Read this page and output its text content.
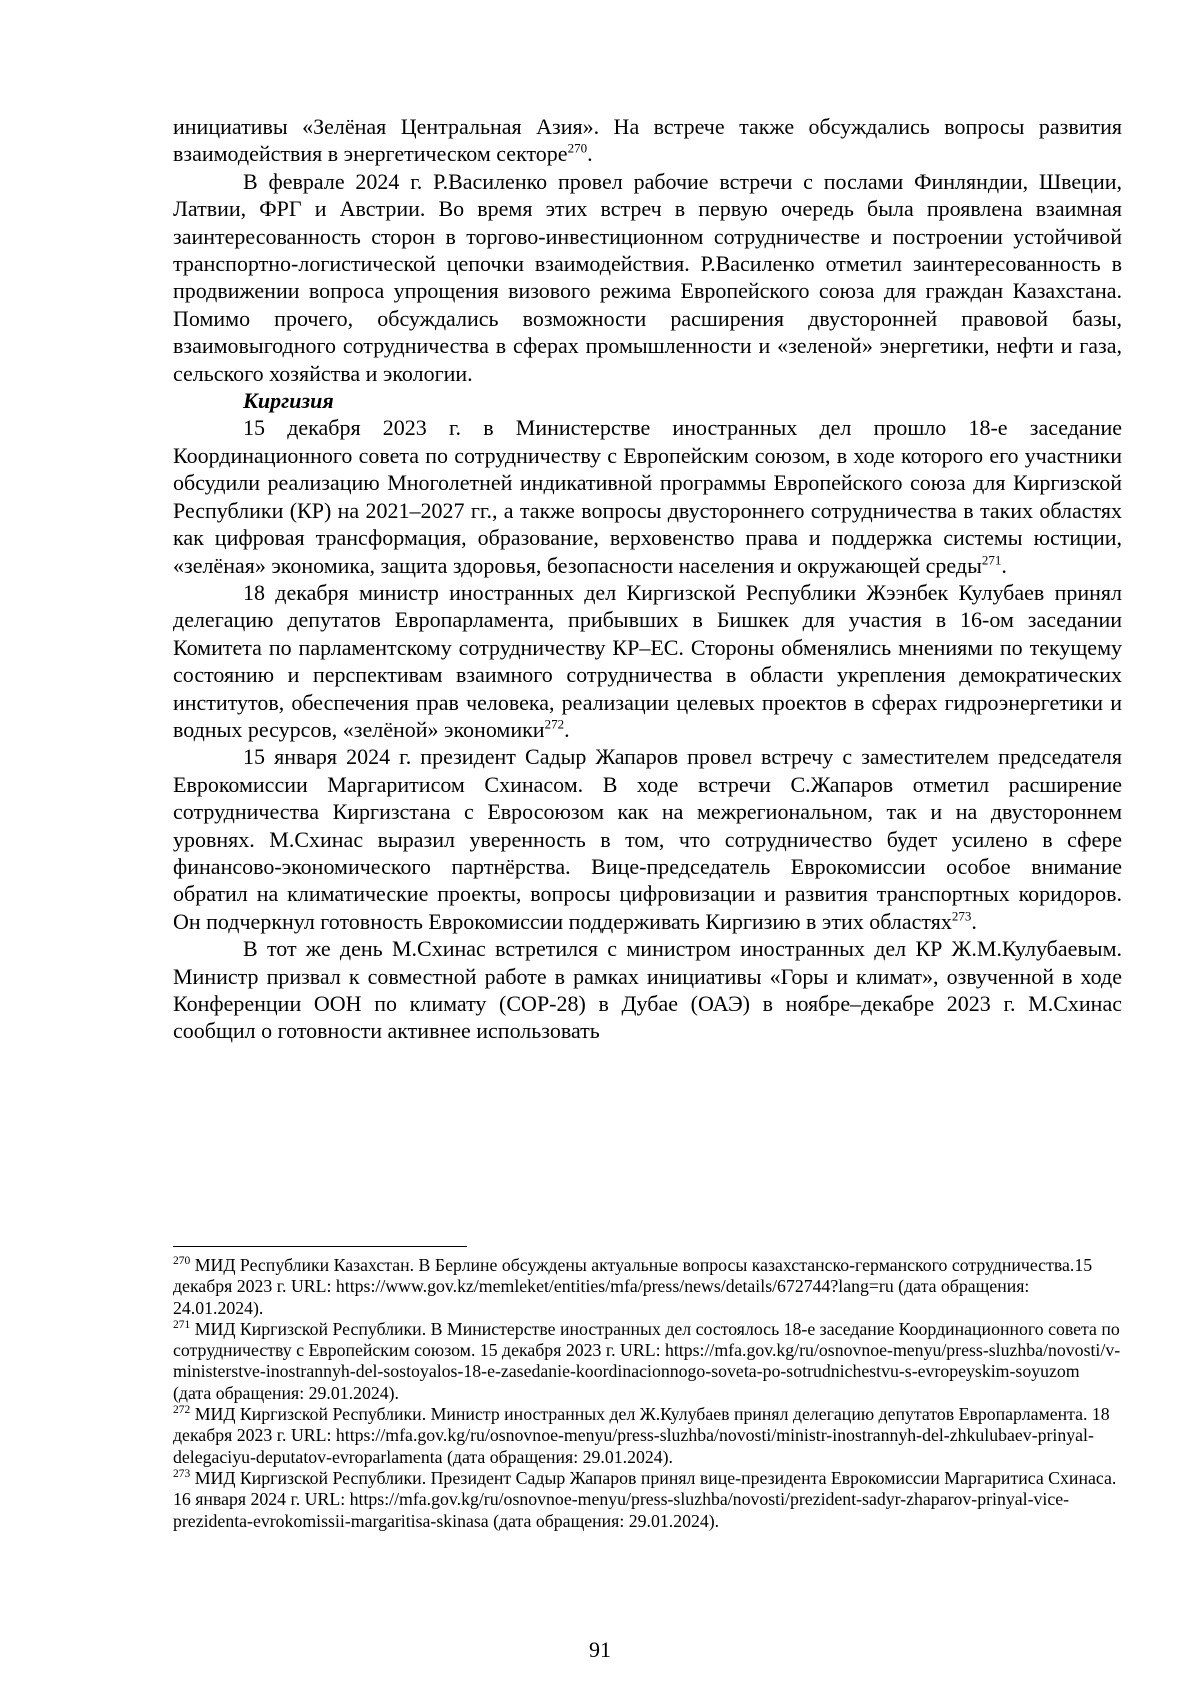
инициативы «Зелёная Центральная Азия». На встрече также обсуждались вопросы развития взаимодействия в энергетическом секторе$^{270}$.

В феврале 2024 г. Р.Василенко провел рабочие встречи с послами Финляндии, Швеции, Латвии, ФРГ и Австрии. Во время этих встреч в первую очередь была проявлена взаимная заинтересованность сторон в торгово-инвестиционном сотрудничестве и построении устойчивой транспортно-логистической цепочки взаимодействия. Р.Василенко отметил заинтересованность в продвижении вопроса упрощения визового режима Европейского союза для граждан Казахстана. Помимо прочего, обсуждались возможности расширения двусторонней правовой базы, взаимовыгодного сотрудничества в сферах промышленности и «зеленой» энергетики, нефти и газа, сельского хозяйства и экологии.

Киргизия

15 декабря 2023 г. в Министерстве иностранных дел прошло 18-е заседание Координационного совета по сотрудничеству с Европейским союзом, в ходе которого его участники обсудили реализацию Многолетней индикативной программы Европейского союза для Киргизской Республики (КР) на 2021–2027 гг., а также вопросы двустороннего сотрудничества в таких областях как цифровая трансформация, образование, верховенство права и поддержка системы юстиции, «зелёная» экономика, защита здоровья, безопасности населения и окружающей среды$^{271}$.

18 декабря министр иностранных дел Киргизской Республики Жээнбек Кулубаев принял делегацию депутатов Европарламента, прибывших в Бишкек для участия в 16-ом заседании Комитета по парламентскому сотрудничеству КР–ЕС. Стороны обменялись мнениями по текущему состоянию и перспективам взаимного сотрудничества в области укрепления демократических институтов, обеспечения прав человека, реализации целевых проектов в сферах гидроэнергетики и водных ресурсов, «зелёной» экономики$^{272}$.

15 января 2024 г. президент Садыр Жапаров провел встречу с заместителем председателя Еврокомиссии Маргаритисом Схинасом. В ходе встречи С.Жапаров отметил расширение сотрудничества Киргизстана с Евросоюзом как на межрегиональном, так и на двустороннем уровнях. М.Схинас выразил уверенность в том, что сотрудничество будет усилено в сфере финансово-экономического партнёрства. Вице-председатель Еврокомиссии особое внимание обратил на климатические проекты, вопросы цифровизации и развития транспортных коридоров. Он подчеркнул готовность Еврокомиссии поддерживать Киргизию в этих областях$^{273}$.

В тот же день М.Схинас встретился с министром иностранных дел КР Ж.М.Кулубаевым. Министр призвал к совместной работе в рамках инициативы «Горы и климат», озвученной в ходе Конференции ООН по климату (COP-28) в Дубае (ОАЭ) в ноябре–декабре 2023 г. М.Схинас сообщил о готовности активнее использовать

$^{270}$ МИД Республики Казахстан. В Берлине обсуждены актуальные вопросы казахстанско-германского сотрудничества.15 декабря 2023 г. URL: https://www.gov.kz/memleket/entities/mfa/press/news/details/672744?lang=ru (дата обращения: 24.01.2024).

$^{271}$ МИД Киргизской Республики. В Министерстве иностранных дел состоялось 18-е заседание Координационного совета по сотрудничеству с Европейским союзом. 15 декабря 2023 г. URL: https://mfa.gov.kg/ru/osnovnoe-menyu/press-sluzhba/novosti/v-ministerstve-inostrannyh-del-sostoyalos-18-e-zasedanie-koordinacionnogo-soveta-po-sotrudnichestvu-s-evropeyskim-soyuzom (дата обращения: 29.01.2024).

$^{272}$ МИД Киргизской Республики. Министр иностранных дел Ж.Кулубаев принял делегацию депутатов Европарламента. 18 декабря 2023 г. URL: https://mfa.gov.kg/ru/osnovnoe-menyu/press-sluzhba/novosti/ministr-inostrannyh-del-zhkulubaev-prinyal-delegaciyu-deputatov-evroparlamenta (дата обращения: 29.01.2024).

$^{273}$ МИД Киргизской Республики. Президент Садыр Жапаров принял вице-президента Еврокомиссии Маргаритиса Схинаса. 16 января 2024 г. URL: https://mfa.gov.kg/ru/osnovnoe-menyu/press-sluzhba/novosti/prezident-sadyr-zhaparov-prinyal-vice-prezidenta-evrokomissii-margaritisa-skinasa (дата обращения: 29.01.2024).

91
